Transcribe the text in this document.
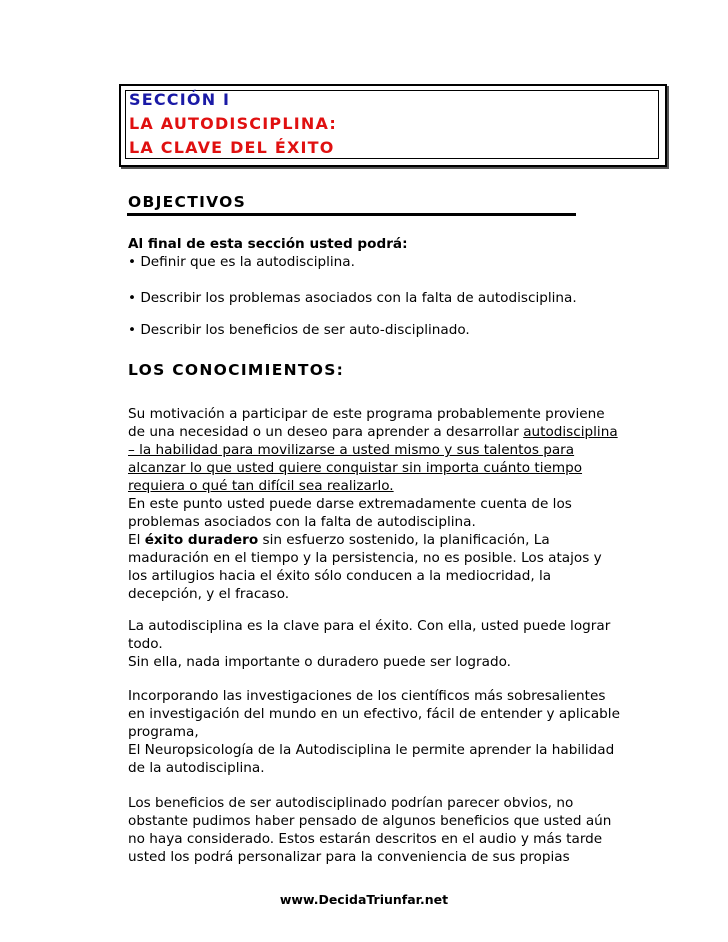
SECCIÓN I
LA AUTODISCIPLINA:
LA CLAVE DEL ÉXITO
OBJECTIVOS
Al final de esta sección usted podrá:
• Definir que es la autodisciplina.
• Describir los problemas asociados con la falta de autodisciplina.
• Describir los beneficios de ser auto-disciplinado.
LOS CONOCIMIENTOS:
Su motivación a participar de este programa probablemente proviene
de una necesidad o un deseo para aprender a desarrollar autodisciplina
– la habilidad para movilizarse a usted mismo y sus talentos para
alcanzar lo que usted quiere conquistar sin importa cuánto tiempo
requiera o qué tan difícil sea realizarlo.
En este punto usted puede darse extremadamente cuenta de los
problemas asociados con la falta de autodisciplina.
El éxito duradero sin esfuerzo sostenido, la planificación, La
maduración en el tiempo y la persistencia, no es posible. Los atajos y
los artilugios hacia el éxito sólo conducen a la mediocridad, la
decepción, y el fracaso.
La autodisciplina es la clave para el éxito. Con ella, usted puede lograr
todo.
Sin ella, nada importante o duradero puede ser logrado.
Incorporando las investigaciones de los científicos más sobresalientes
en investigación del mundo en un efectivo, fácil de entender y aplicable
programa,
El Neuropsicología de la Autodisciplina le permite aprender la habilidad
de la autodisciplina.
Los beneficios de ser autodisciplinado podrían parecer obvios, no
obstante pudimos haber pensado de algunos beneficios que usted aún
no haya considerado. Estos estarán descritos en el audio y más tarde
usted los podrá personalizar para la conveniencia de sus propias
www.DecidaTriunfar.net
